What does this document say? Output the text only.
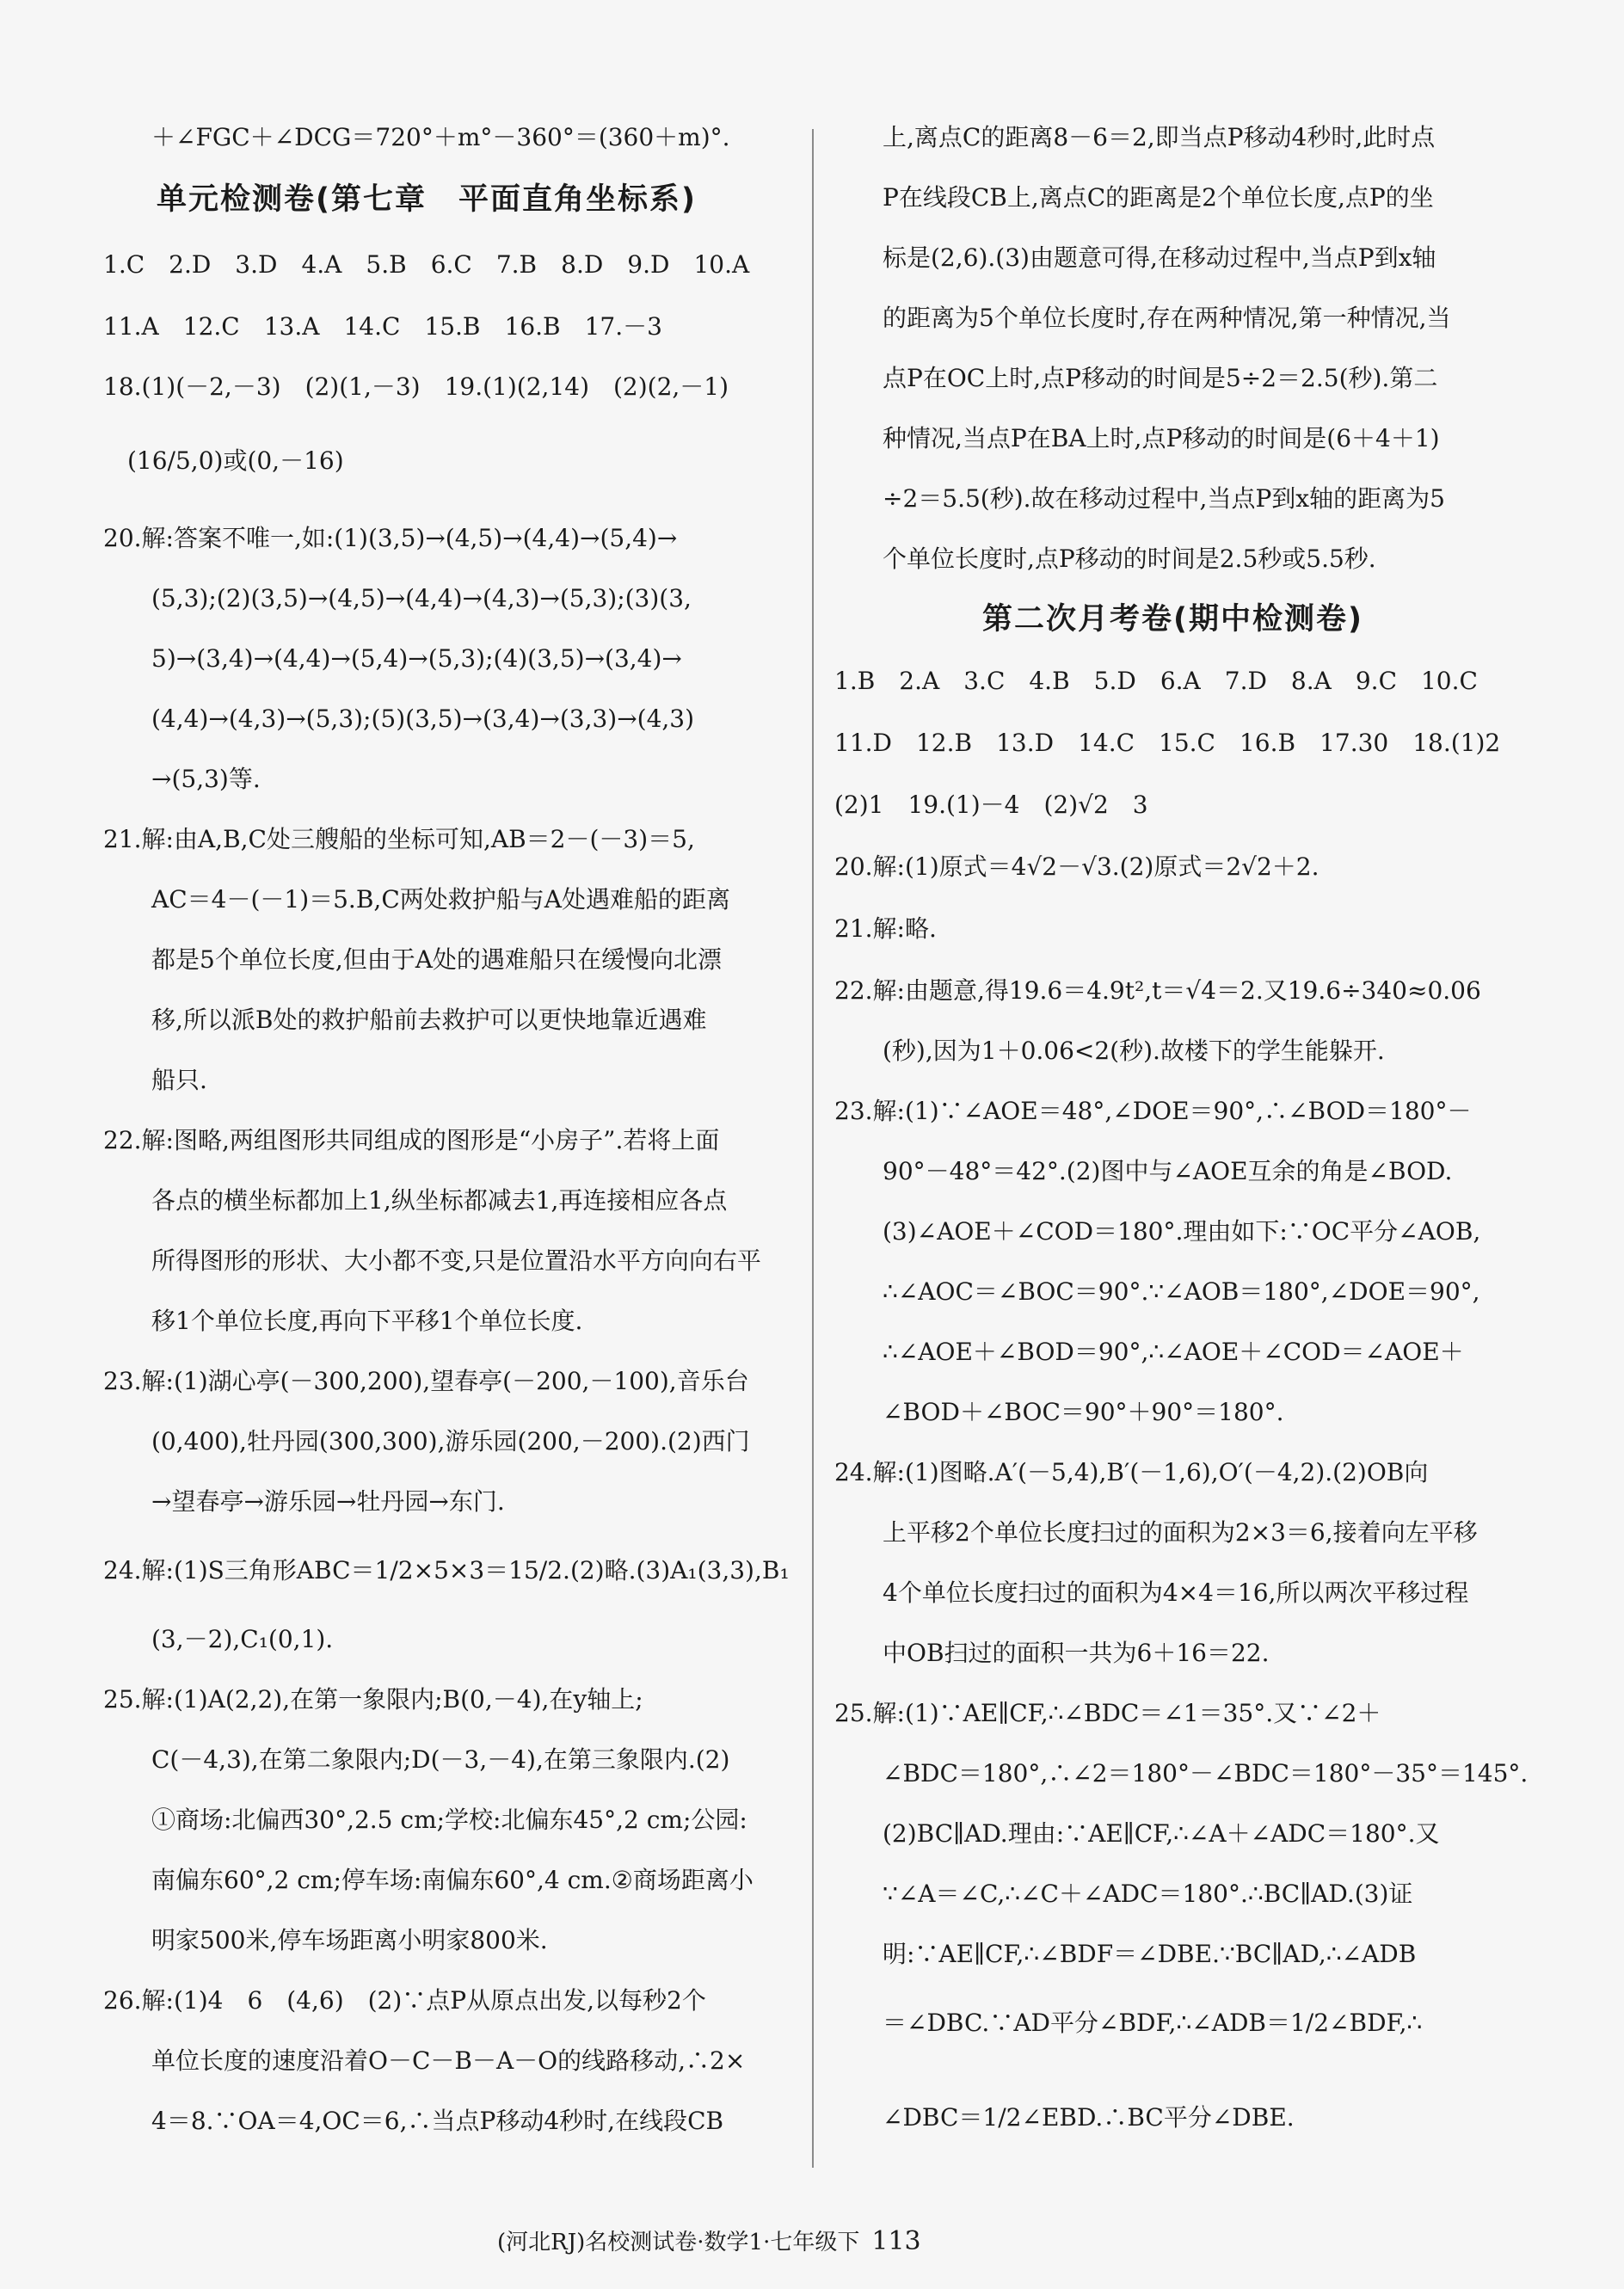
＋∠FGC＋∠DCG＝720°＋m°－360°＝(360＋m)°.
单元检测卷(第七章　平面直角坐标系)
1.C　2.D　3.D　4.A　5.B　6.C　7.B　8.D　9.D　10.A
11.A　12.C　13.A　14.C　15.B　16.B　17.－3
18.(1)(－2,－3)　(2)(1,－3)　19.(1)(2,14)　(2)(2,－1)
(16/5,0)或(0,－16)
20.解:答案不唯一,如:(1)(3,5)→(4,5)→(4,4)→(5,4)→
(5,3);(2)(3,5)→(4,5)→(4,4)→(4,3)→(5,3);(3)(3,
5)→(3,4)→(4,4)→(5,4)→(5,3);(4)(3,5)→(3,4)→
(4,4)→(4,3)→(5,3);(5)(3,5)→(3,4)→(3,3)→(4,3)
→(5,3)等.
21.解:由A,B,C处三艘船的坐标可知,AB＝2－(－3)＝5,
AC＝4－(－1)＝5.B,C两处救护船与A处遇难船的距离
都是5个单位长度,但由于A处的遇难船只在缓慢向北漂
移,所以派B处的救护船前去救护可以更快地靠近遇难
船只.
22.解:图略,两组图形共同组成的图形是“小房子”.若将上面
各点的横坐标都加上1,纵坐标都减去1,再连接相应各点
所得图形的形状、大小都不变,只是位置沿水平方向向右平
移1个单位长度,再向下平移1个单位长度.
23.解:(1)湖心亭(－300,200),望春亭(－200,－100),音乐台
(0,400),牡丹园(300,300),游乐园(200,－200).(2)西门
→望春亭→游乐园→牡丹园→东门.
24.解:(1)S三角形ABC＝1/2×5×3＝15/2.(2)略.(3)A₁(3,3),B₁
(3,－2),C₁(0,1).
25.解:(1)A(2,2),在第一象限内;B(0,－4),在y轴上;
C(－4,3),在第二象限内;D(－3,－4),在第三象限内.(2)
①商场:北偏西30°,2.5 cm;学校:北偏东45°,2 cm;公园:
南偏东60°,2 cm;停车场:南偏东60°,4 cm.②商场距离小
明家500米,停车场距离小明家800米.
26.解:(1)4　6　(4,6)　(2)∵点P从原点出发,以每秒2个
单位长度的速度沿着O－C－B－A－O的线路移动,∴2×
4＝8.∵OA＝4,OC＝6,∴当点P移动4秒时,在线段CB
上,离点C的距离8－6＝2,即当点P移动4秒时,此时点
P在线段CB上,离点C的距离是2个单位长度,点P的坐
标是(2,6).(3)由题意可得,在移动过程中,当点P到x轴
的距离为5个单位长度时,存在两种情况,第一种情况,当
点P在OC上时,点P移动的时间是5÷2＝2.5(秒).第二
种情况,当点P在BA上时,点P移动的时间是(6＋4＋1)
÷2＝5.5(秒).故在移动过程中,当点P到x轴的距离为5
个单位长度时,点P移动的时间是2.5秒或5.5秒.
第二次月考卷(期中检测卷)
1.B　2.A　3.C　4.B　5.D　6.A　7.D　8.A　9.C　10.C
11.D　12.B　13.D　14.C　15.C　16.B　17.30　18.(1)2
(2)1　19.(1)－4　(2)√2　3
20.解:(1)原式＝4√2－√3.(2)原式＝2√2＋2.
21.解:略.
22.解:由题意,得19.6＝4.9t²,t＝√4＝2.又19.6÷340≈0.06
(秒),因为1＋0.06<2(秒).故楼下的学生能躲开.
23.解:(1)∵∠AOE＝48°,∠DOE＝90°,∴∠BOD＝180°－
90°－48°＝42°.(2)图中与∠AOE互余的角是∠BOD.
(3)∠AOE＋∠COD＝180°.理由如下:∵OC平分∠AOB,
∴∠AOC＝∠BOC＝90°.∵∠AOB＝180°,∠DOE＝90°,
∴∠AOE＋∠BOD＝90°,∴∠AOE＋∠COD＝∠AOE＋
∠BOD＋∠BOC＝90°＋90°＝180°.
24.解:(1)图略.A′(－5,4),B′(－1,6),O′(－4,2).(2)OB向
上平移2个单位长度扫过的面积为2×3＝6,接着向左平移
4个单位长度扫过的面积为4×4＝16,所以两次平移过程
中OB扫过的面积一共为6＋16＝22.
25.解:(1)∵AE∥CF,∴∠BDC＝∠1＝35°.又∵∠2＋
∠BDC＝180°,∴∠2＝180°－∠BDC＝180°－35°＝145°.
(2)BC∥AD.理由:∵AE∥CF,∴∠A＋∠ADC＝180°.又
∵∠A＝∠C,∴∠C＋∠ADC＝180°.∴BC∥AD.(3)证
明:∵AE∥CF,∴∠BDF＝∠DBE.∵BC∥AD,∴∠ADB
＝∠DBC.∵AD平分∠BDF,∴∠ADB＝1/2∠BDF,∴
∠DBC＝1/2∠EBD.∴BC平分∠DBE.
(河北RJ)名校测试卷·数学1·七年级下 113
